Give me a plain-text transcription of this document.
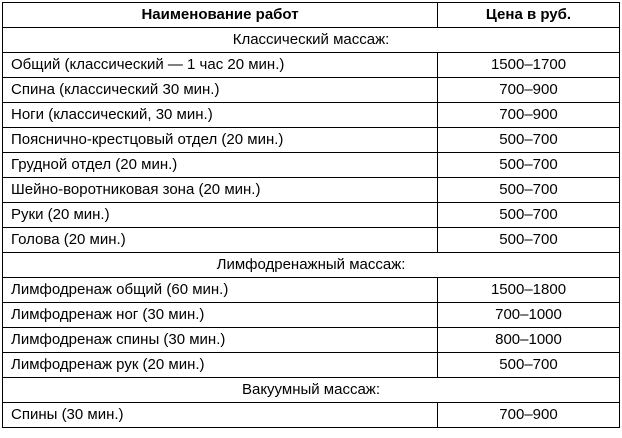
Наименование работ	Цена в руб.
Классический массаж:	
Общий (классический — 1 час 20 мин.)	1500–1700
Спина (классический 30 мин.)	700–900
Ноги (классический, 30 мин.)	700–900
Пояснично-крестцовый отдел (20 мин.)	500–700
Грудной отдел (20 мин.)	500–700
Шейно-воротниковая зона (20 мин.)	500–700
Руки (20 мин.)	500–700
Голова (20 мин.)	500–700
Лимфодренажный массаж:	
Лимфодренаж общий (60 мин.)	1500–1800
Лимфодренаж ног (30 мин.)	700–1000
Лимфодренаж спины (30 мин.)	800–1000
Лимфодренаж рук (20 мин.)	500–700
Вакуумный массаж:	
Спины (30 мин.)	700–900
